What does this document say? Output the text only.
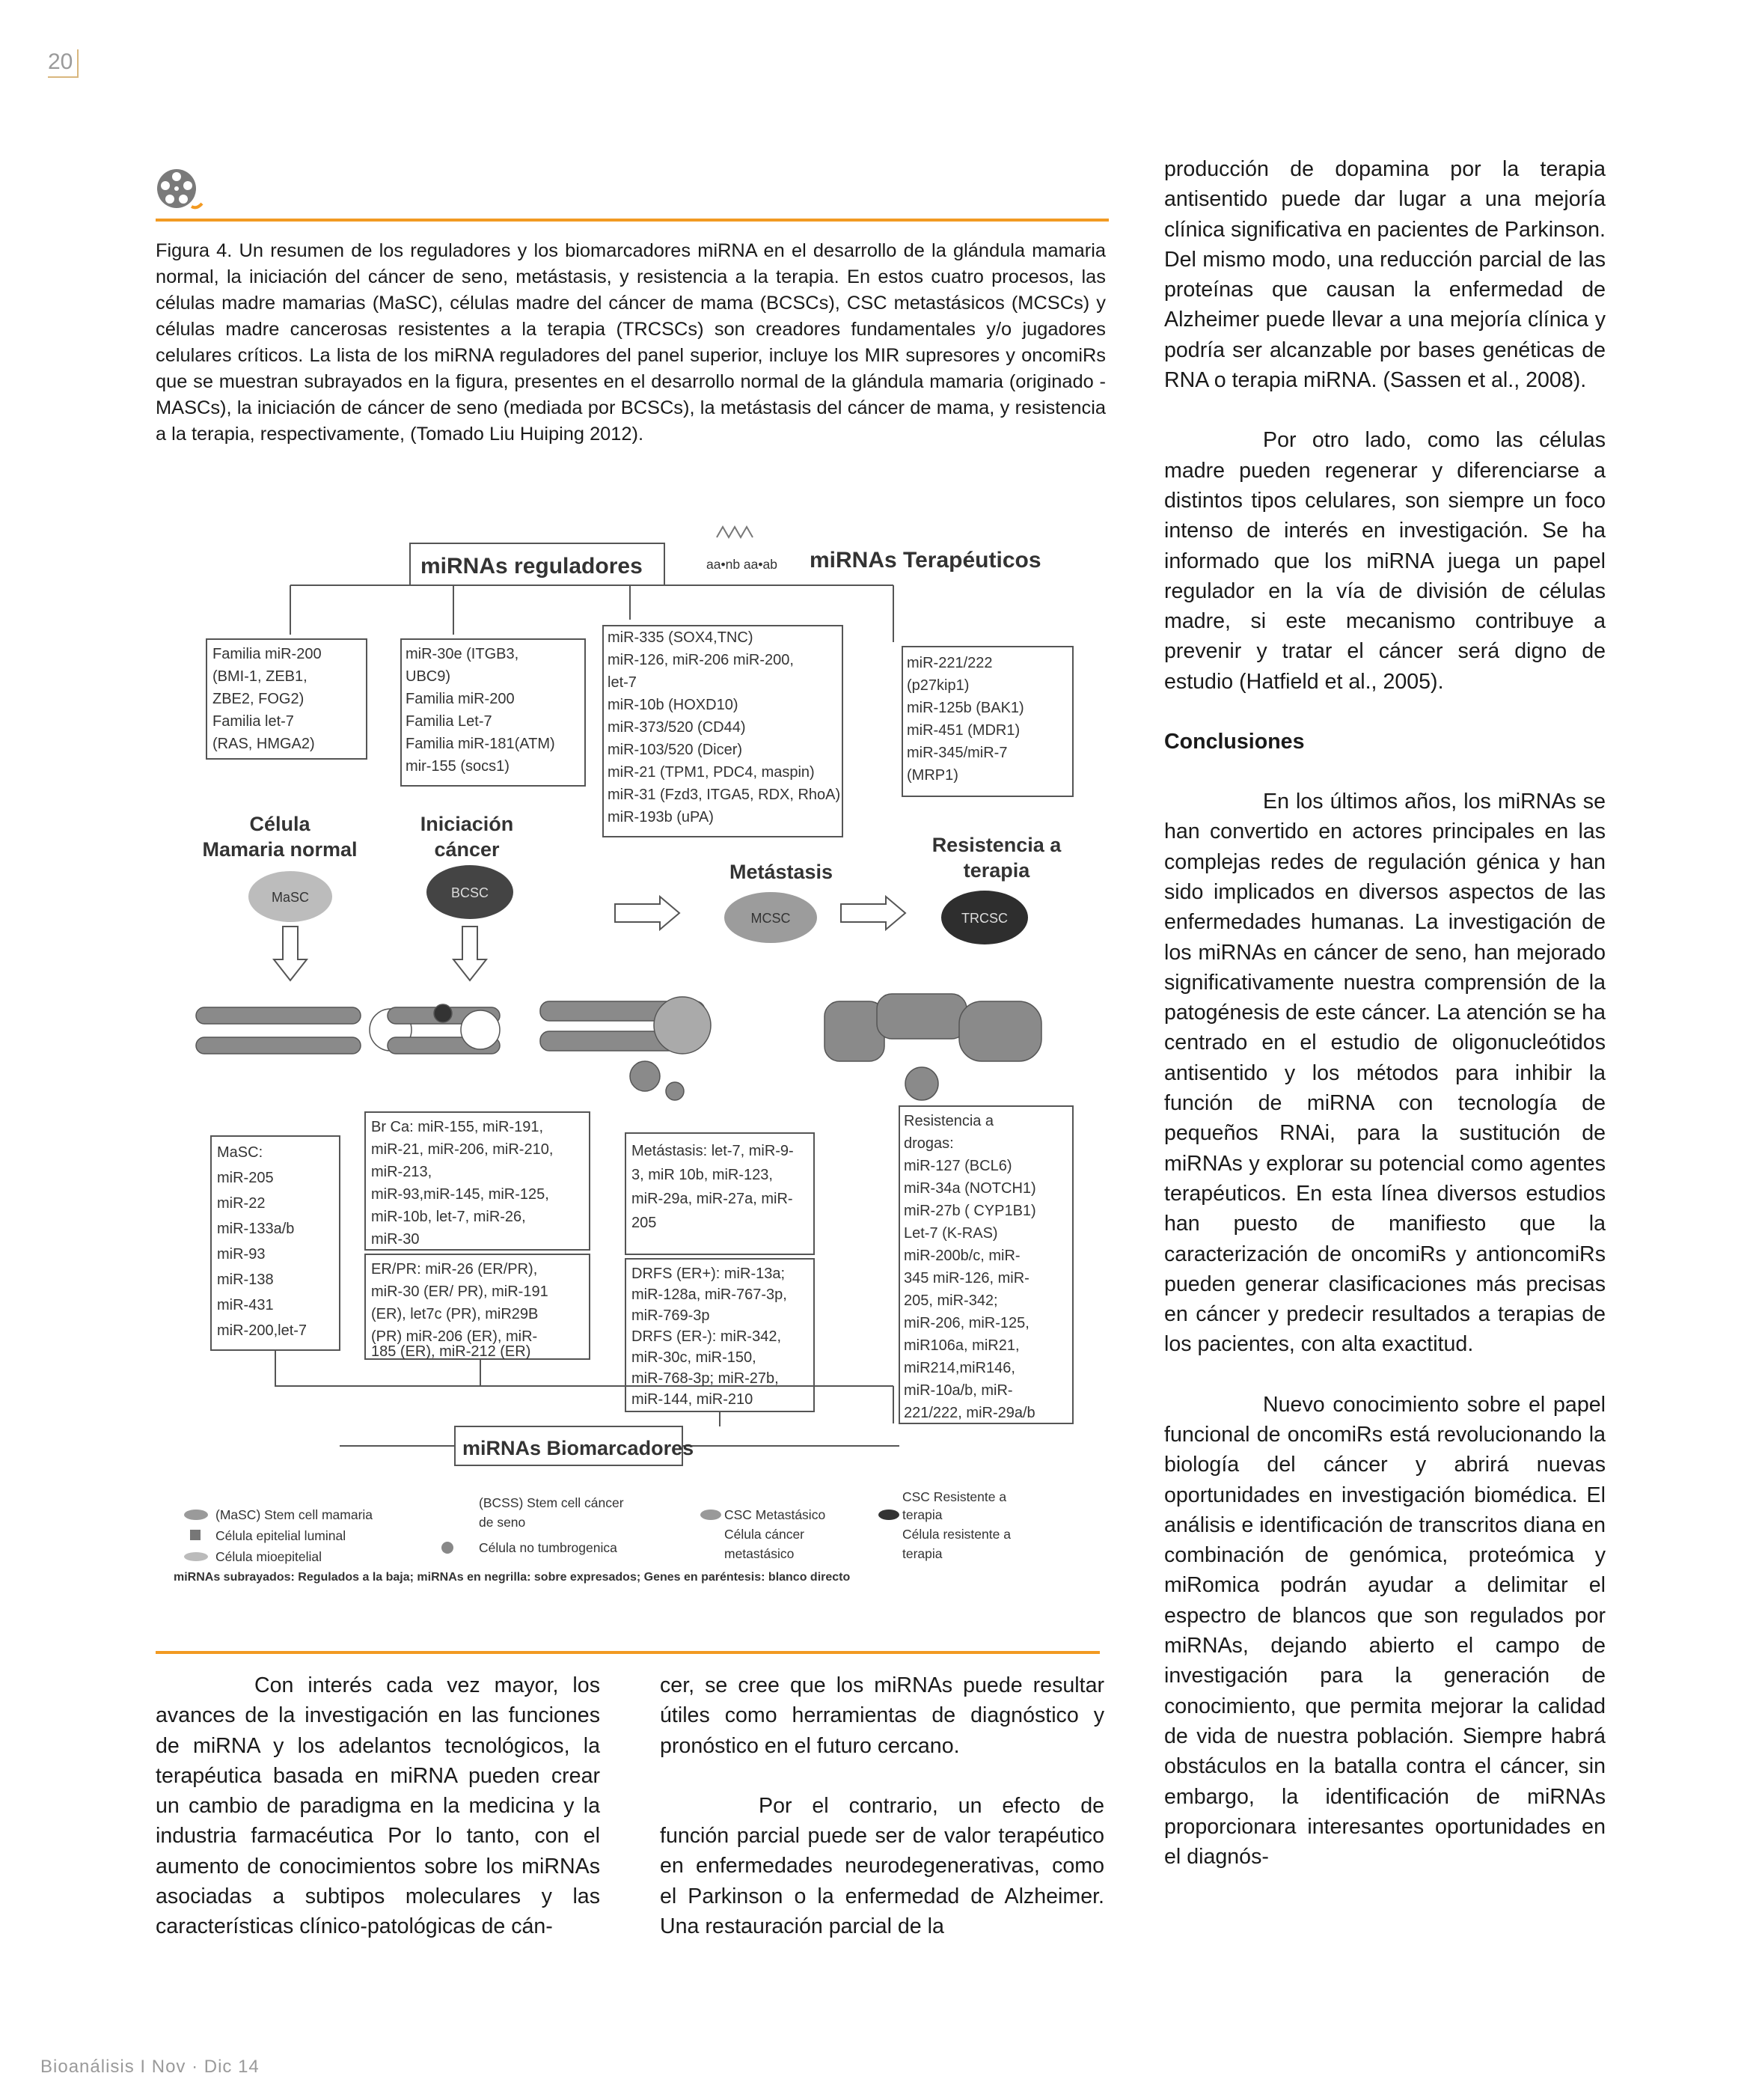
20
Figura 4. Un resumen de los reguladores y los biomarcadores miRNA en el desarrollo de la glándula mamaria normal, la iniciación del cáncer de seno, metástasis, y resistencia a la terapia. En estos cuatro procesos, las células madre mamarias (MaSC), células madre del cáncer de mama (BCSCs), CSC metastásicos (MCSCs) y células madre cancerosas resistentes a la terapia (TRCSCs) son creadores fundamentales y/o jugadores celulares críticos. La lista de los miRNA reguladores del panel superior, incluye los MIR supresores y oncomiRs que se muestran subrayados en la figura, presentes en el desarrollo normal de la glándula mamaria (originado - MASCs), la iniciación de cáncer de seno (mediada por BCSCs), la metástasis del cáncer de mama, y resistencia a la terapia, respectivamente, (Tomado Liu Huiping 2012).
aa•nb aa•ab
miRNAs reguladores	miRNAs Terapéuticos
Familia miR-200
(BMI-1, ZEB1,
ZBE2, FOG2)
Familia let-7
(RAS, HMGA2)
miR-30e (ITGB3,
UBC9)
Familia miR-200
Familia Let-7
Familia miR-181(ATM)
mir-155 (socs1)
miR-335 (SOX4,TNC)
miR-126, miR-206 miR-200,
let-7
miR-10b (HOXD10)
miR-373/520 (CD44)
miR-103/520 (Dicer)
miR-21 (TPM1, PDC4, maspin)
miR-31 (Fzd3, ITGA5, RDX, RhoA)
miR-193b (uPA)
miR-221/222
(p27kip1)
miR-125b (BAK1)
miR-451 (MDR1)
miR-345/miR-7
(MRP1)
Célula
Mamaria normal
Iniciación
cáncer
Metástasis
Resistencia a
terapia
MaSC	BCSC
MCSC	TRCSC
miRNAs Biomarcadores
MaSC:
miR-205
miR-22
miR-133a/b
miR-93
miR-138
miR-431
miR-200,let-7
Br Ca: miR-155, miR-191,
miR-21, miR-206, miR-210,
miR-213,
miR-93,miR-145, miR-125,
miR-10b, let-7, miR-26,
miR-30
ER/PR: miR-26 (ER/PR),
miR-30 (ER/ PR), miR-191
(ER), let7c (PR), miR29B
(PR) miR-206 (ER), miR-
185 (ER), miR-212 (ER)
Metástasis: let-7, miR-9-
3, miR 10b, miR-123,
miR-29a, miR-27a, miR-
205
DRFS (ER+): miR-13a;
miR-128a, miR-767-3p,
miR-769-3p
DRFS (ER-): miR-342,
miR-30c, miR-150,
miR-768-3p; miR-27b,
miR-144, miR-210
Resistencia a
drogas:
miR-127 (BCL6)
miR-34a (NOTCH1)
miR-27b ( CYP1B1)
Let-7 (K-RAS)
miR-200b/c, miR-
345 miR-126, miR-
205, miR-342;
miR-206, miR-125,
miR106a, miR21,
miR214,miR146,
miR-10a/b, miR-
221/222, miR-29a/b
(MaSC) Stem cell mamaria
Célula epitelial luminal
Célula mioepitelial
(BCSS) Stem cell cáncer
de seno
Célula no tumbrogenica
CSC Metastásico
Célula cáncer
metastásico
CSC Resistente a
terapia
Célula resistente a
terapia
miRNAs subrayados: Regulados a la baja; miRNAs en negrilla: sobre expresados; Genes en paréntesis: blanco directo

Con interés cada vez mayor, los avances de la investigación en las funciones de miRNA y los adelantos tecnológicos, la terapéutica basada en miRNA pueden crear un cambio de paradigma en la medicina y la industria farmacéutica Por lo tanto, con el aumento de conocimientos sobre los miRNAs asociadas a subtipos moleculares y las características clínico-patológicas de cán-

cer, se cree que los miRNAs puede resultar útiles como herramientas de diagnóstico y pronóstico en el futuro cercano.

Por el contrario, un efecto de función parcial puede ser de valor terapéutico en enfermedades neurodegenerativas, como el Parkinson o la enfermedad de Alzheimer. Una restauración parcial de la

producción de dopamina por la terapia antisentido puede dar lugar a una mejoría clínica significativa en pacientes de Parkinson. Del mismo modo, una reducción parcial de las proteínas que causan la enfermedad de Alzheimer puede llevar a una mejoría clínica y podría ser alcanzable por bases genéticas de RNA o terapia miRNA. (Sassen et al., 2008).

Por otro lado, como las células madre pueden regenerar y diferenciarse a distintos tipos celulares, son siempre un foco intenso de interés en investigación. Se ha informado que los miRNA juega un papel regulador en la vía de división de células madre, si este mecanismo contribuye a prevenir y tratar el cáncer será digno de estudio (Hatfield et al., 2005).

Conclusiones

En los últimos años, los miRNAs se han convertido en actores principales en las complejas redes de regulación génica y han sido implicados en diversos aspectos de las enfermedades humanas. La investigación de los miRNAs en cáncer de seno, han mejorado significativamente nuestra comprensión de la patogénesis de este cáncer. La atención se ha centrado en el estudio de oligonucleótidos antisentido y los métodos para inhibir la función de miRNA con tecnología de pequeños RNAi, para la sustitución de miRNAs y explorar su potencial como agentes terapéuticos. En esta línea diversos estudios han puesto de manifiesto que la caracterización de oncomiRs y antioncomiRs pueden generar clasificaciones más precisas en cáncer y predecir resultados a terapias de los pacientes, con alta exactitud.

Nuevo conocimiento sobre el papel funcional de oncomiRs está revolucionando la biología del cáncer y abrirá nuevas oportunidades en investigación biomédica. El análisis e identificación de transcritos diana en combinación de genómica, proteómica y miRomica podrán ayudar a delimitar el espectro de blancos que son regulados por miRNAs, dejando abierto el campo de investigación para la generación de conocimiento, que permita mejorar la calidad de vida de nuestra población. Siempre habrá obstáculos en la batalla contra el cáncer, sin embargo, la identificación de miRNAs proporcionara interesantes oportunidades en el diagnós-

Bioanálisis I Nov · Dic 14
